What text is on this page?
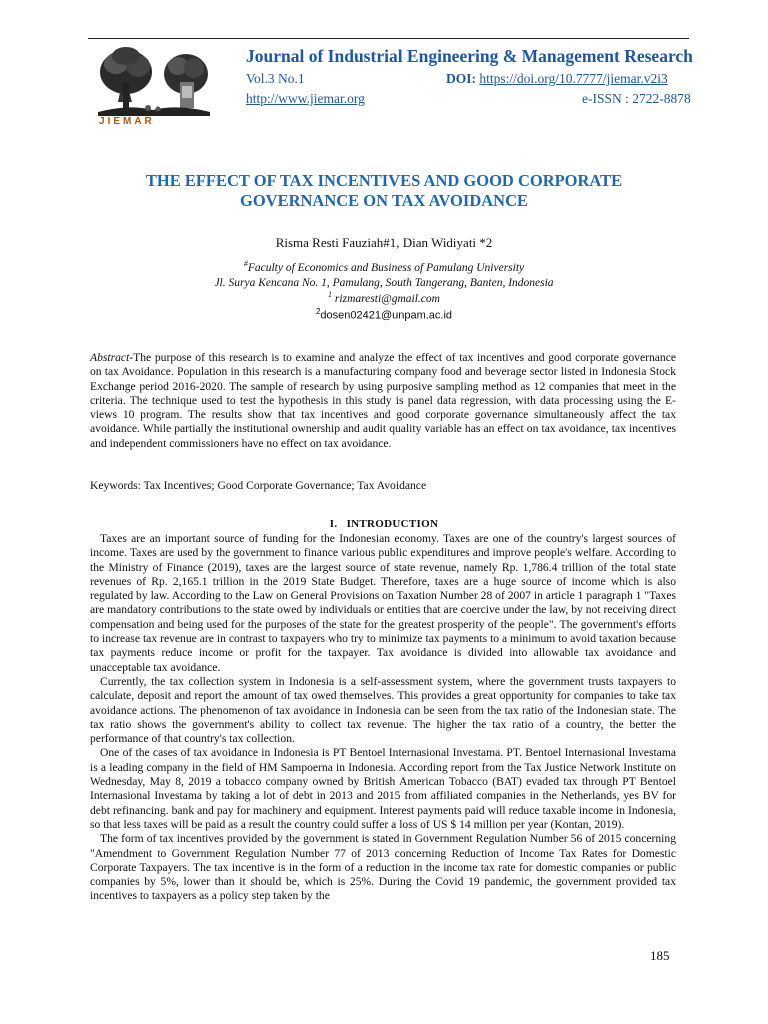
JIEMAR
Journal of Industrial Engineering & Management Research
Vol.3 No.1	DOI: https://doi.org/10.7777/jiemar.v2i3
http://www.jiemar.org	e-ISSN : 2722-8878
THE EFFECT OF TAX INCENTIVES AND GOOD CORPORATE
GOVERNANCE ON TAX AVOIDANCE
Risma Resti Fauziah#1, Dian Widiyati *2
#Faculty of Economics and Business of Pamulang University
Jl. Surya Kencana No. 1, Pamulang, South Tangerang, Banten, Indonesia
$^1$ rizmaresti@gmail.com
$^2$dosen02421@unpam.ac.id
Abstract-The purpose of this research is to examine and analyze the effect of tax incentives and good corporate governance on tax Avoidance. Population in this research is a manufacturing company food and beverage sector listed in Indonesia Stock Exchange period 2016-2020. The sample of research by using purposive sampling method as 12 companies that meet in the criteria. The technique used to test the hypothesis in this study is panel data regression, with data processing using the E-views 10 program. The results show that tax incentives and good corporate governance simultaneously affect the tax avoidance. While partially the institutional ownership and audit quality variable has an effect on tax avoidance, tax incentives and independent commissioners have no effect on tax avoidance.
Keywords: Tax Incentives; Good Corporate Governance; Tax Avoidance
I.   INTRODUCTION

Taxes are an important source of funding for the Indonesian economy. Taxes are one of the country's largest sources of income. Taxes are used by the government to finance various public expenditures and improve people's welfare. According to the Ministry of Finance (2019), taxes are the largest source of state revenue, namely Rp. 1,786.4 trillion of the total state revenues of Rp. 2,165.1 trillion in the 2019 State Budget. Therefore, taxes are a huge source of income which is also regulated by law. According to the Law on General Provisions on Taxation Number 28 of 2007 in article 1 paragraph 1 "Taxes are mandatory contributions to the state owed by individuals or entities that are coercive under the law, by not receiving direct compensation and being used for the purposes of the state for the greatest prosperity of the people". The government's efforts to increase tax revenue are in contrast to taxpayers who try to minimize tax payments to a minimum to avoid taxation because tax payments reduce income or profit for the taxpayer. Tax avoidance is divided into allowable tax avoidance and unacceptable tax avoidance.

Currently, the tax collection system in Indonesia is a self-assessment system, where the government trusts taxpayers to calculate, deposit and report the amount of tax owed themselves. This provides a great opportunity for companies to take tax avoidance actions. The phenomenon of tax avoidance in Indonesia can be seen from the tax ratio of the Indonesian state. The tax ratio shows the government's ability to collect tax revenue. The higher the tax ratio of a country, the better the performance of that country's tax collection.

One of the cases of tax avoidance in Indonesia is PT Bentoel Internasional Investama. PT. Bentoel Internasional Investama is a leading company in the field of HM Sampoerna in Indonesia. According report from the Tax Justice Network Institute on Wednesday, May 8, 2019 a tobacco company owned by British American Tobacco (BAT) evaded tax through PT Bentoel Internasional Investama by taking a lot of debt in 2013 and 2015 from affiliated companies in the Netherlands, yes BV for debt refinancing. bank and pay for machinery and equipment. Interest payments paid will reduce taxable income in Indonesia, so that less taxes will be paid as a result the country could suffer a loss of US $ 14 million per year (Kontan, 2019).

The form of tax incentives provided by the government is stated in Government Regulation Number 56 of 2015 concerning "Amendment to Government Regulation Number 77 of 2013 concerning Reduction of Income Tax Rates for Domestic Corporate Taxpayers. The tax incentive is in the form of a reduction in the income tax rate for domestic companies or public companies by 5%, lower than it should be, which is 25%. During the Covid 19 pandemic, the government provided tax incentives to taxpayers as a policy step taken by the

185
